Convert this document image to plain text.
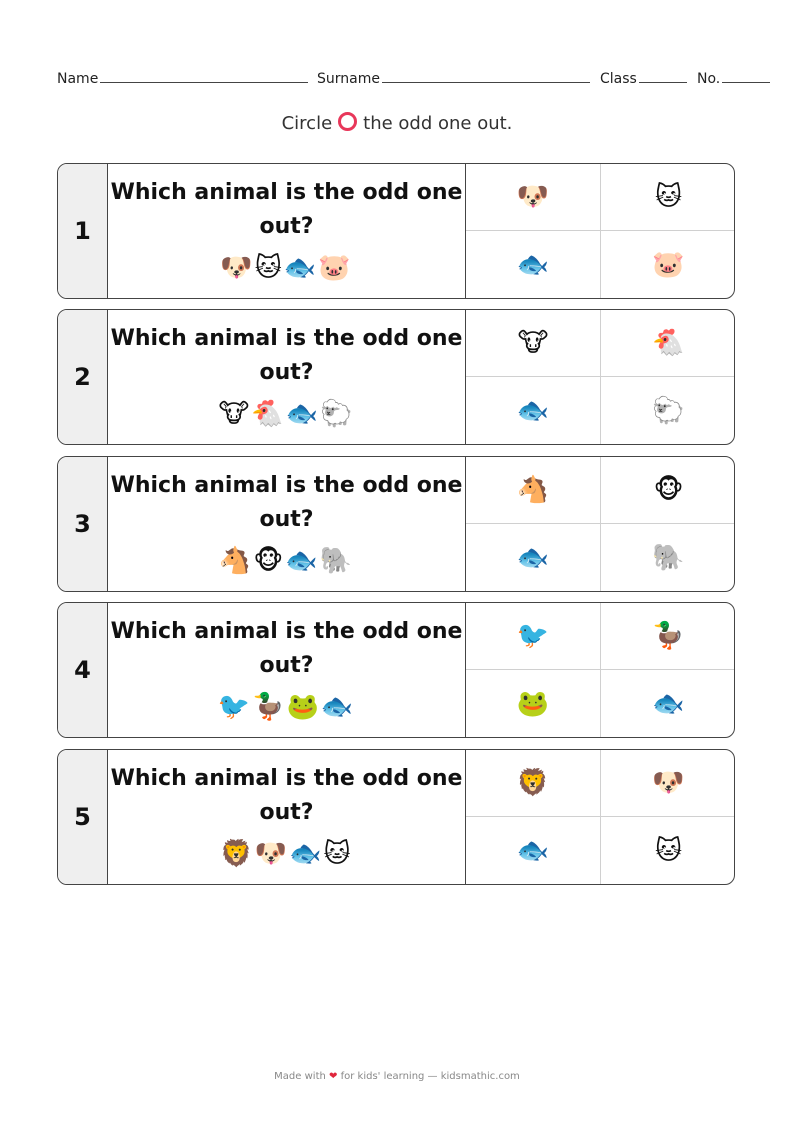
Name	Surname	Class	No.
Circle the odd one out.
1
Which animal is the odd one out?
🐶🐱🐟🐷
🐶	🐱
🐟	🐷
2
Which animal is the odd one out?
🐮🐔🐟🐑
🐮	🐔
🐟	🐑
3
Which animal is the odd one out?
🐴🐵🐟🐘
🐴	🐵
🐟	🐘
4
Which animal is the odd one out?
🐦🦆🐸🐟
🐦	🦆
🐸	🐟
5
Which animal is the odd one out?
🦁🐶🐟🐱
🦁	🐶
🐟	🐱
Made with ❤ for kids' learning — kidsmathic.com
